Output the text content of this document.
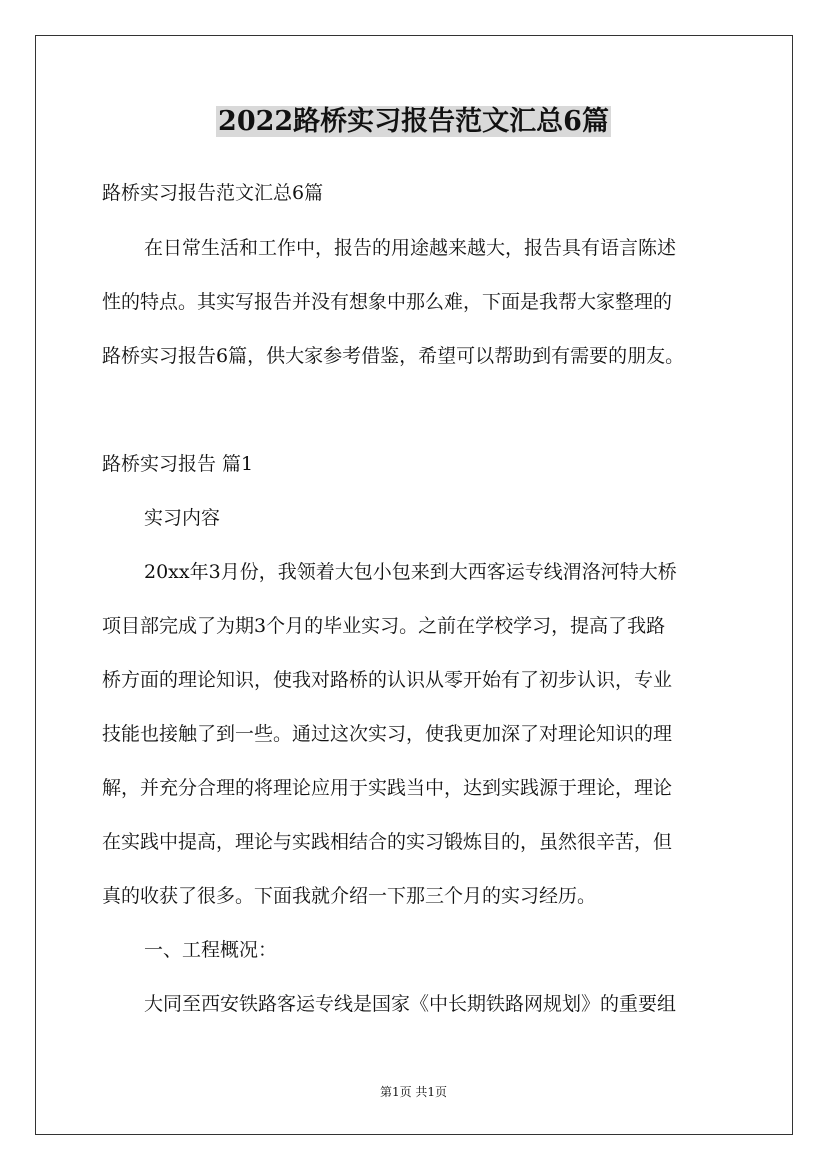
2022路桥实习报告范文汇总6篇
路桥实习报告范文汇总6篇
在日常生活和工作中，报告的用途越来越大，报告具有语言陈述
性的特点。其实写报告并没有想象中那么难，下面是我帮大家整理的
路桥实习报告6篇，供大家参考借鉴，希望可以帮助到有需要的朋友。
路桥实习报告 篇1
实习内容
20xx年3月份，我领着大包小包来到大西客运专线渭洛河特大桥
项目部完成了为期3个月的毕业实习。之前在学校学习，提高了我路
桥方面的理论知识，使我对路桥的认识从零开始有了初步认识，专业
技能也接触了到一些。通过这次实习，使我更加深了对理论知识的理
解，并充分合理的将理论应用于实践当中，达到实践源于理论，理论
在实践中提高，理论与实践相结合的实习锻炼目的，虽然很辛苦，但
真的收获了很多。下面我就介绍一下那三个月的实习经历。
一、工程概况：
大同至西安铁路客运专线是国家《中长期铁路网规划》的重要组
第1页 共1页
